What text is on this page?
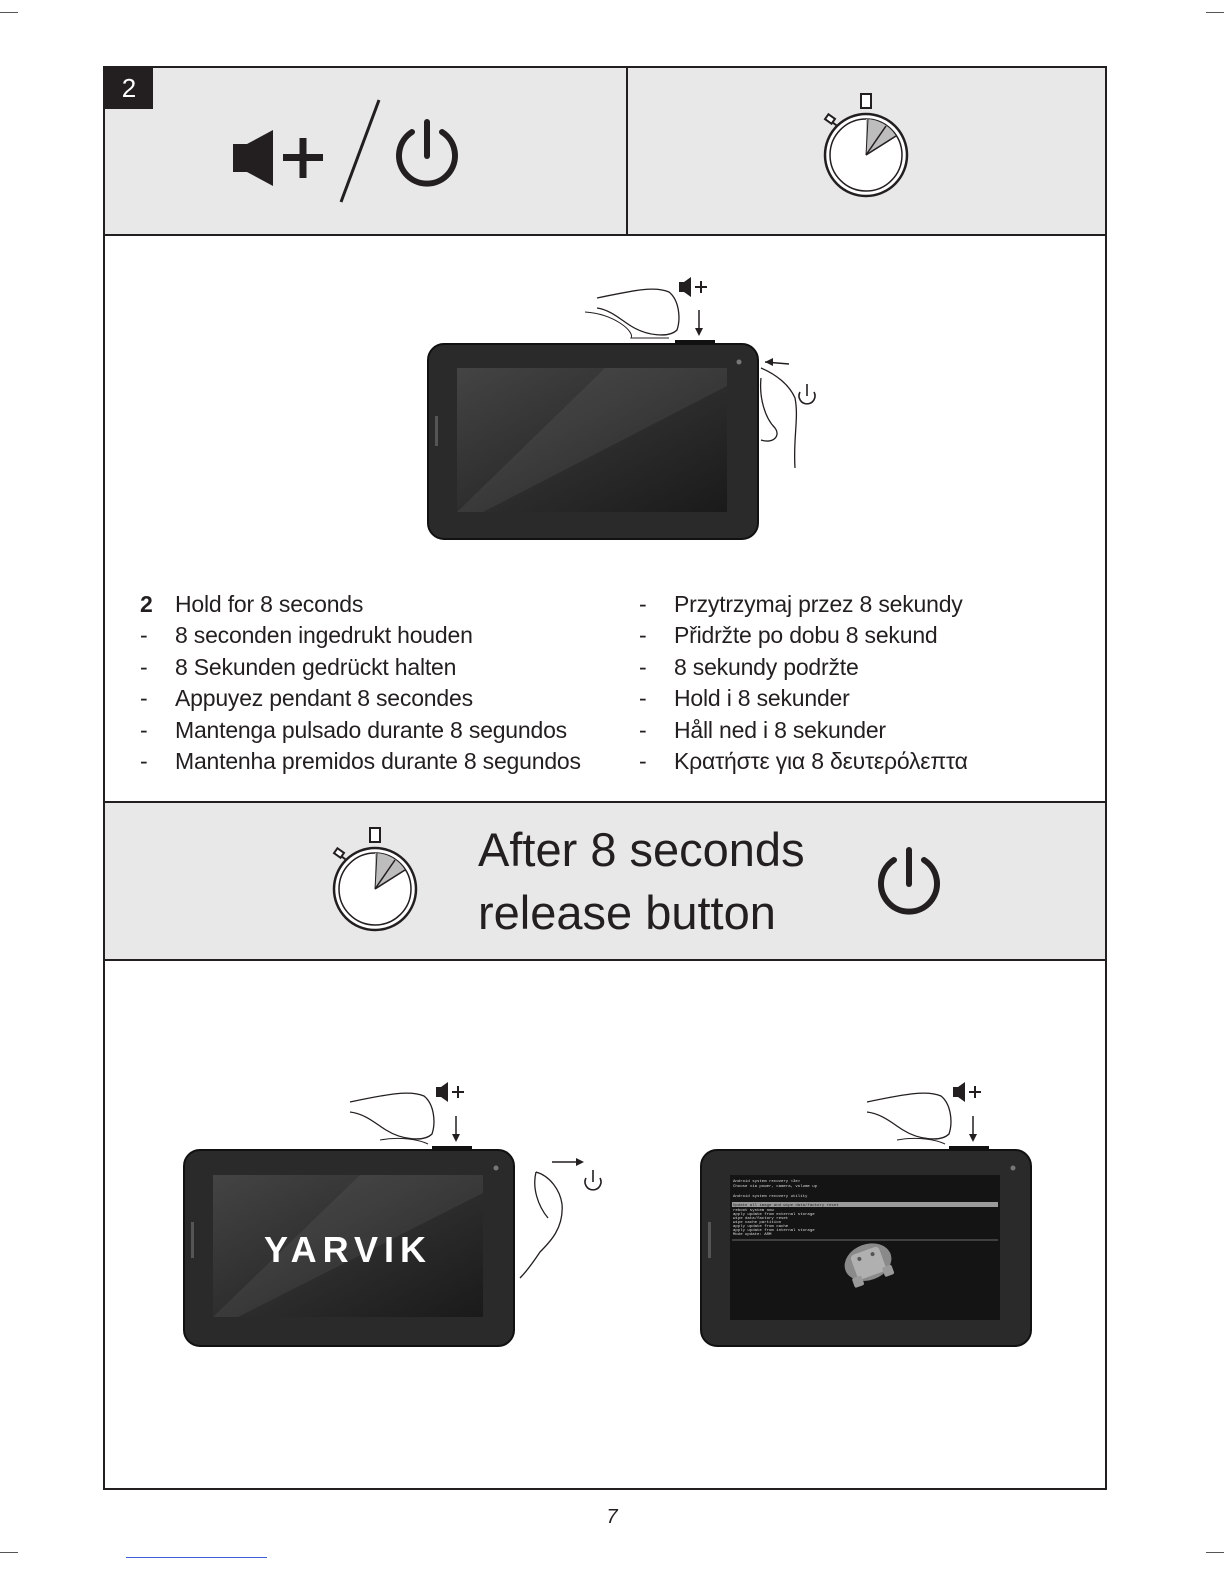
2
2 Hold for 8 seconds
-	8 seconden ingedrukt houden
-	8 Sekunden gedrückt halten
-	Appuyez pendant 8 secondes
-	Mantenga pulsado durante 8 segundos
-	Mantenha premidos durante 8 segundos
-	Przytrzymaj przez 8 sekundy
-	Přidržte po dobu 8 sekund
-	8 sekundy podržte
-	Hold i 8 sekunder
-	Håll ned i 8 sekunder
-	Κρατήστε για 8 δευτερόλεπτα
After 8 seconds
release button
YARVIK
Android system recovery <3e>
Choose via power, camera, volume up
Android system recovery utility
Update all image and wipe data/factory reset
reboot system now
apply update from external storage
wipe data/factory reset
wipe cache partition
apply update from cache
apply update from internal storage
Mode update: ARM
7
